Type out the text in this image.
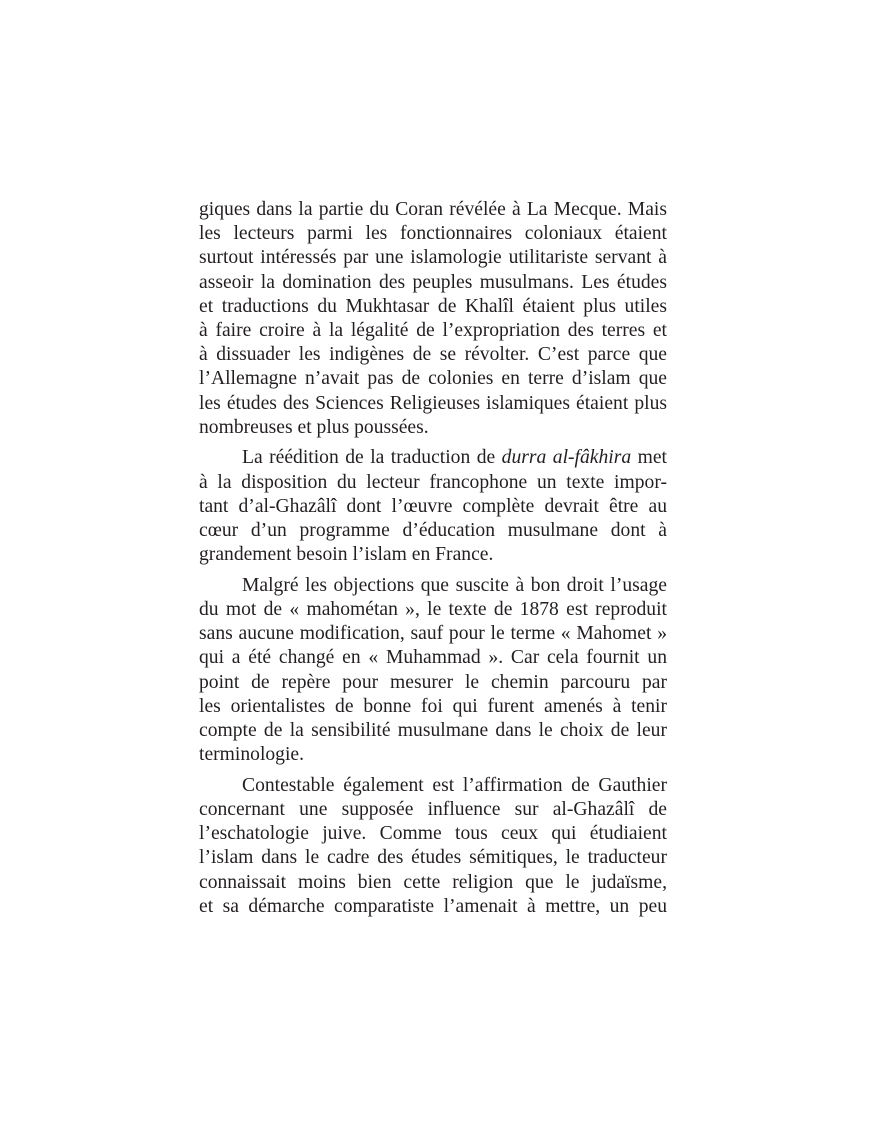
giques dans la partie du Coran révélée à La Mecque. Mais
les lecteurs parmi les fonctionnaires coloniaux étaient
surtout intéressés par une islamologie utilitariste servant à
asseoir la domination des peuples musulmans. Les études
et traductions du Mukhtasar de Khalîl étaient plus utiles
à faire croire à la légalité de l’expropriation des terres et
à dissuader les indigènes de se révolter. C’est parce que
l’Allemagne n’avait pas de colonies en terre d’islam que
les études des Sciences Religieuses islamiques étaient plus
nombreuses et plus poussées.
La réédition de la traduction de durra al-fâkhira met
à la disposition du lecteur francophone un texte impor-
tant d’al-Ghazâlî dont l’œuvre complète devrait être au
cœur d’un programme d’éducation musulmane dont à
grandement besoin l’islam en France.
Malgré les objections que suscite à bon droit l’usage
du mot de « mahométan », le texte de 1878 est reproduit
sans aucune modification, sauf pour le terme « Mahomet »
qui a été changé en « Muhammad ». Car cela fournit un
point de repère pour mesurer le chemin parcouru par
les orientalistes de bonne foi qui furent amenés à tenir
compte de la sensibilité musulmane dans le choix de leur
terminologie.
Contestable également est l’affirmation de Gauthier
concernant une supposée influence sur al-Ghazâlî de
l’eschatologie juive. Comme tous ceux qui étudiaient
l’islam dans le cadre des études sémitiques, le traducteur
connaissait moins bien cette religion que le judaïsme,
et sa démarche comparatiste l’amenait à mettre, un peu
